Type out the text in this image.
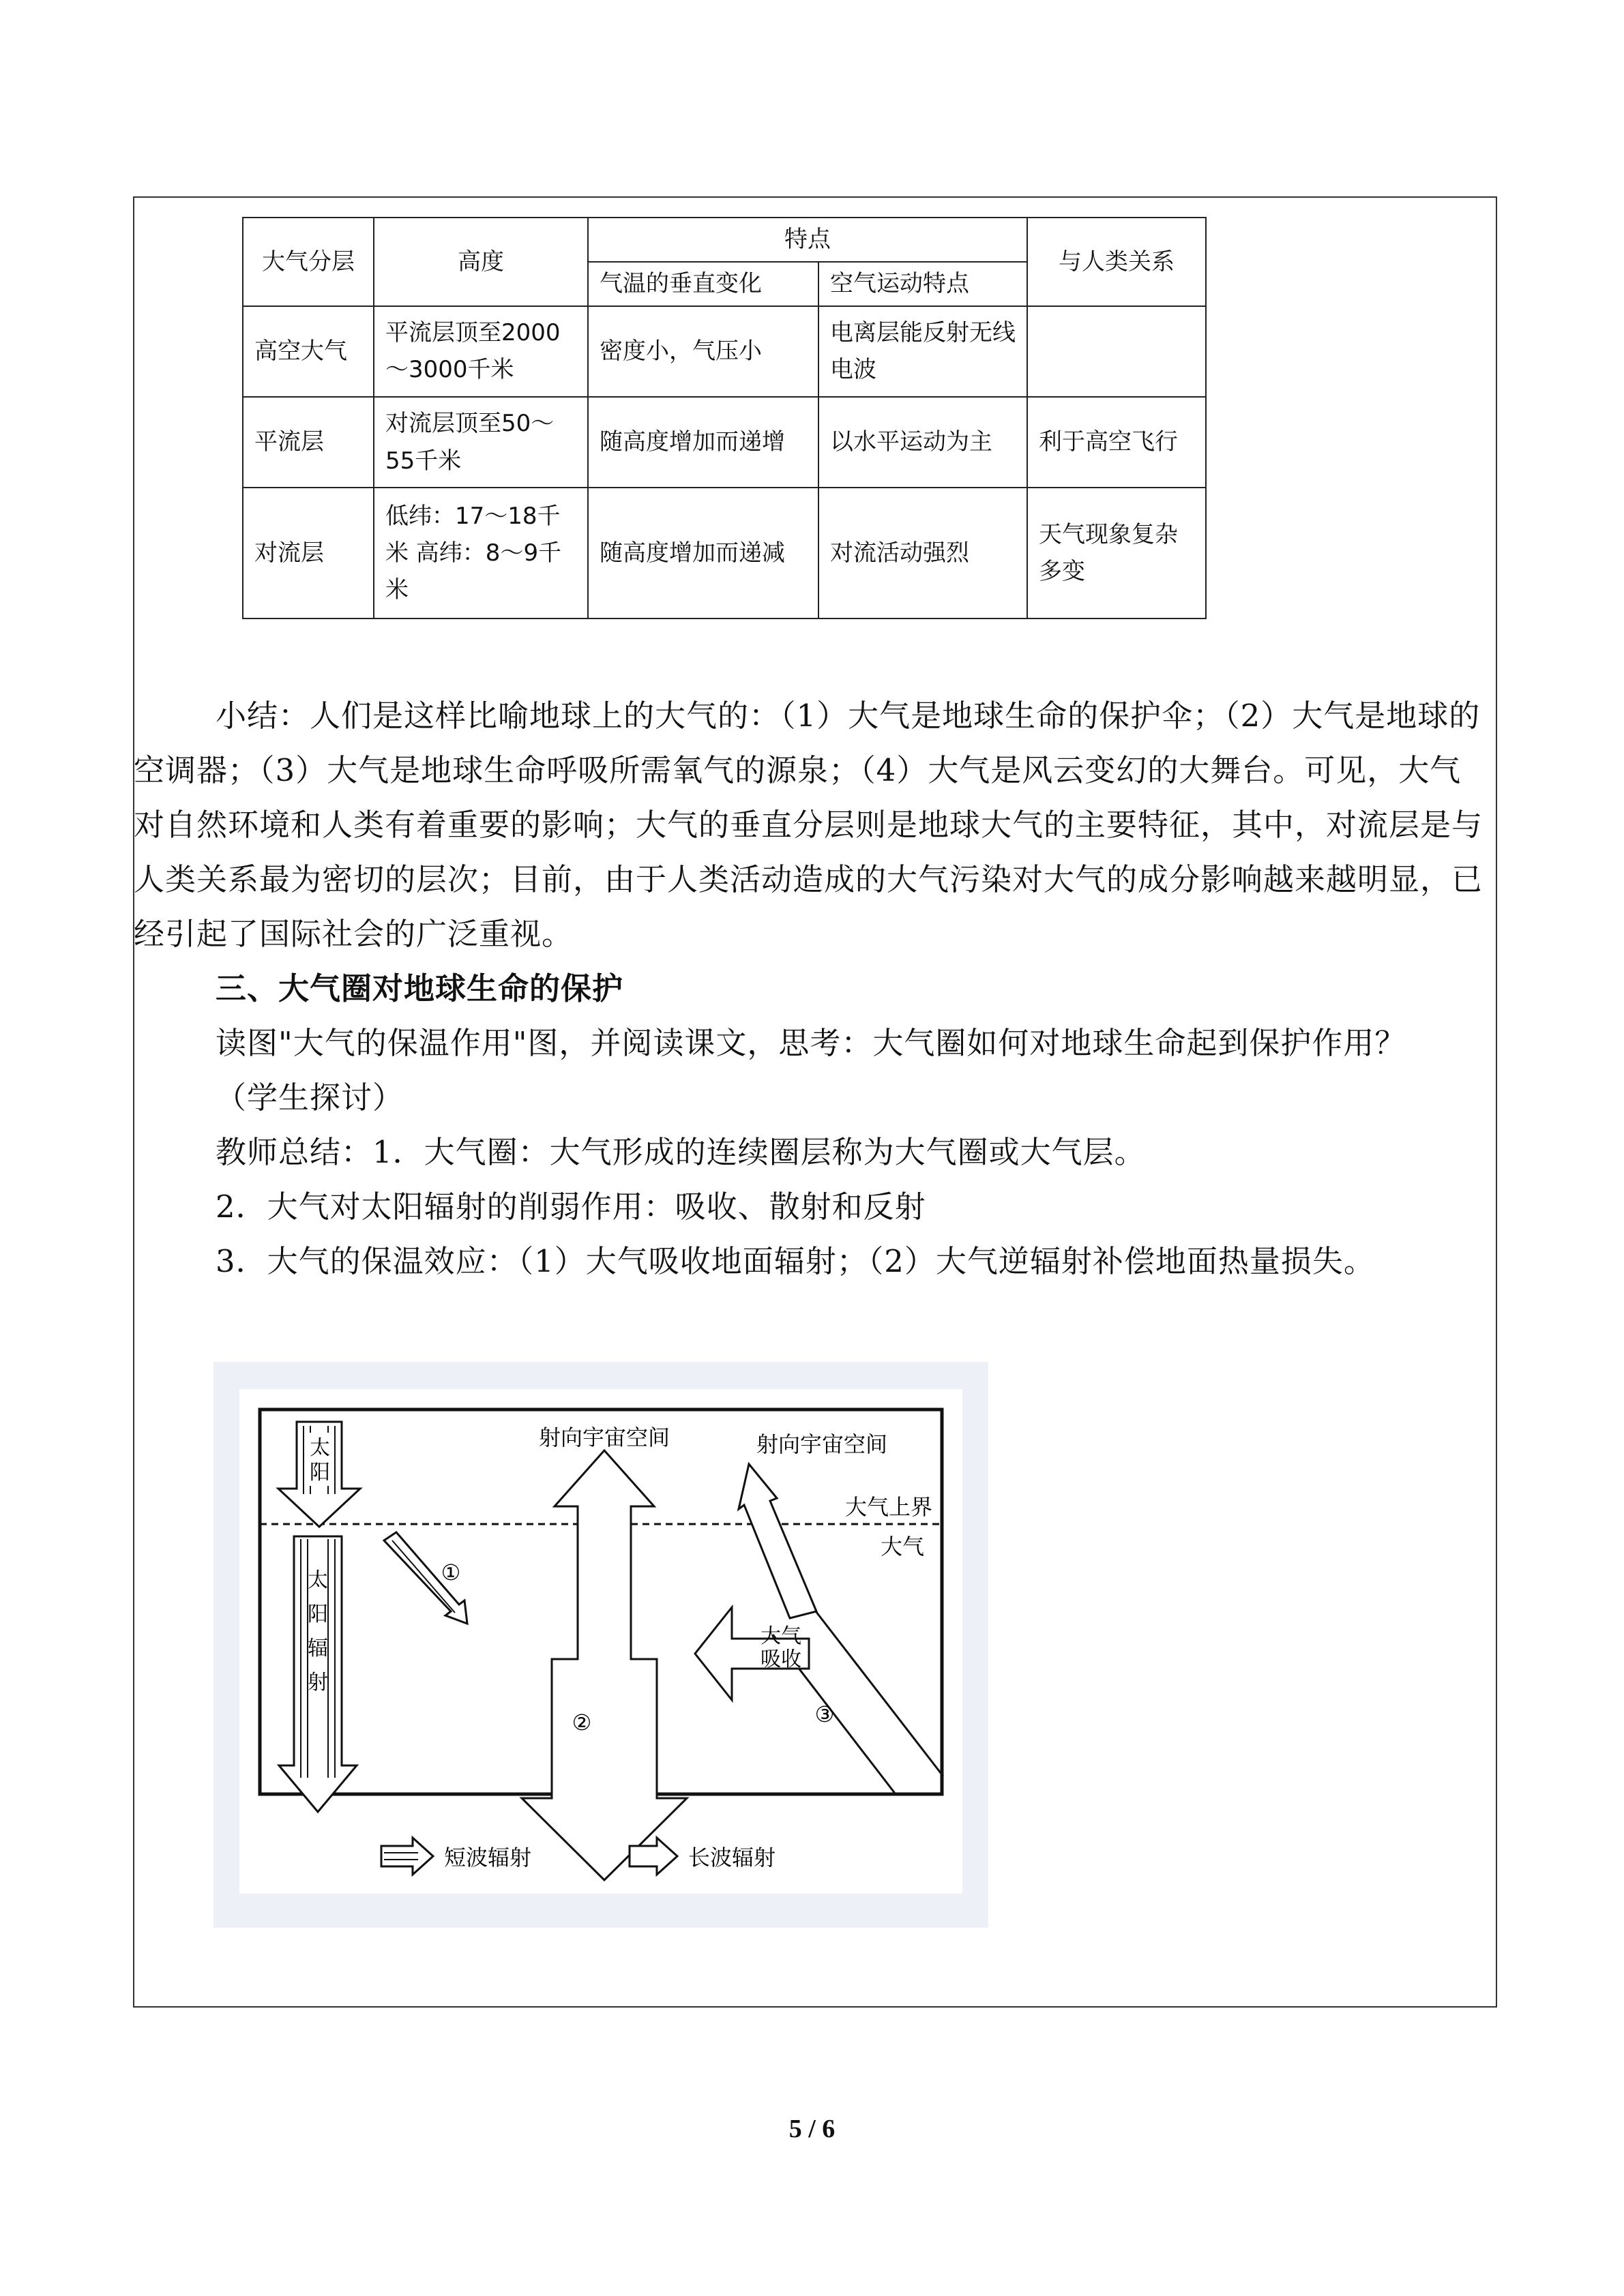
大气分层	高度	特点		与人类关系
		气温的垂直变化	空气运动特点	
高空大气	平流层顶至2000～3000千米	密度小，气压小	电离层能反射无线电波	
平流层	对流层顶至50～55千米	随高度增加而递增	以水平运动为主	利于高空飞行
对流层	低纬：17～18千米 高纬：8～9千米	随高度增加而递减	对流活动强烈	天气现象复杂多变

小结：人们是这样比喻地球上的大气的：（1）大气是地球生命的保护伞；（2）大气是地球的空调器；（3）大气是地球生命呼吸所需氧气的源泉；（4）大气是风云变幻的大舞台。可见，大气对自然环境和人类有着重要的影响；大气的垂直分层则是地球大气的主要特征，其中，对流层是与人类关系最为密切的层次；目前，由于人类活动造成的大气污染对大气的成分影响越来越明显，已经引起了国际社会的广泛重视。

三、大气圈对地球生命的保护

读图"大气的保温作用"图，并阅读课文，思考：大气圈如何对地球生命起到保护作用？

（学生探讨）

教师总结：1．大气圈：大气形成的连续圈层称为大气圈或大气层。

2．大气对太阳辐射的削弱作用：吸收、散射和反射

3．大气的保温效应：（1）大气吸收地面辐射；（2）大气逆辐射补偿地面热量损失。

太
阳
太
阳
辐
射
①
射向宇宙空间
②
大气
吸收
射向宇宙空间
大气上界
大气
③
短波辐射	长波辐射
5 / 6
